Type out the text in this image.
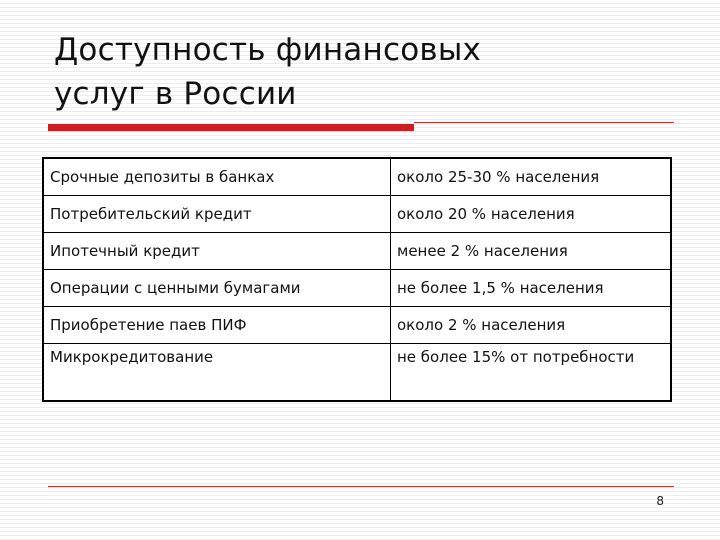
Доступность финансовых
услуг в России
Срочные депозиты в банках	около 25-30 % населения
Потребительский кредит	около 20 % населения
Ипотечный кредит	менее 2 % населения
Операции с ценными бумагами	не более 1,5 % населения
Приобретение паев ПИФ	около 2 % населения
Микрокредитование	не более 15% от потребности
8
